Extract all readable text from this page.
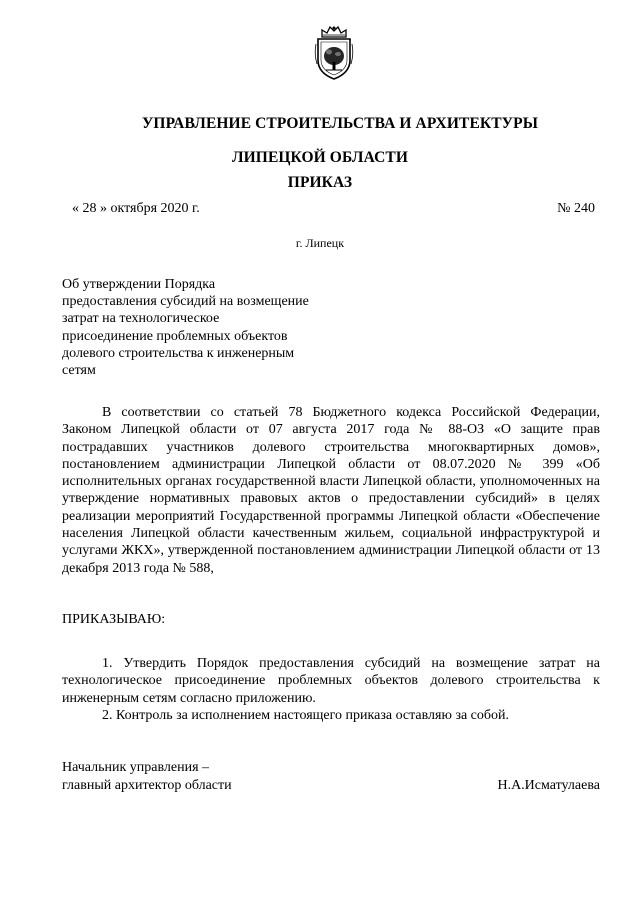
УПРАВЛЕНИЕ СТРОИТЕЛЬСТВА И АРХИТЕКТУРЫ
ЛИПЕЦКОЙ ОБЛАСТИ
ПРИКАЗ
« 28 » октября 2020 г.	№ 240
г. Липецк
Об утверждении Порядка
предоставления субсидий на возмещение
затрат на технологическое
присоединение проблемных объектов
долевого строительства к инженерным
сетям

В соответствии со статьей 78 Бюджетного кодекса Российской Федерации, Законом Липецкой области от 07 августа 2017 года № 88-ОЗ «О защите прав пострадавших участников долевого строительства многоквартирных домов», постановлением администрации Липецкой области от 08.07.2020 № 399 «Об исполнительных органах государственной власти Липецкой области, уполномоченных на утверждение нормативных правовых актов о предоставлении субсидий» в целях реализации мероприятий Государственной программы Липецкой области «Обеспечение населения Липецкой области качественным жильем, социальной инфраструктурой и услугами ЖКХ», утвержденной постановлением администрации Липецкой области от 13 декабря 2013 года № 588,

ПРИКАЗЫВАЮ:

1. Утвердить Порядок предоставления субсидий на возмещение затрат на технологическое присоединение проблемных объектов долевого строительства к инженерным сетям согласно приложению.

2. Контроль за исполнением настоящего приказа оставляю за собой.

Начальник управления –
главный архитектор области	Н.А.Исматулаева
